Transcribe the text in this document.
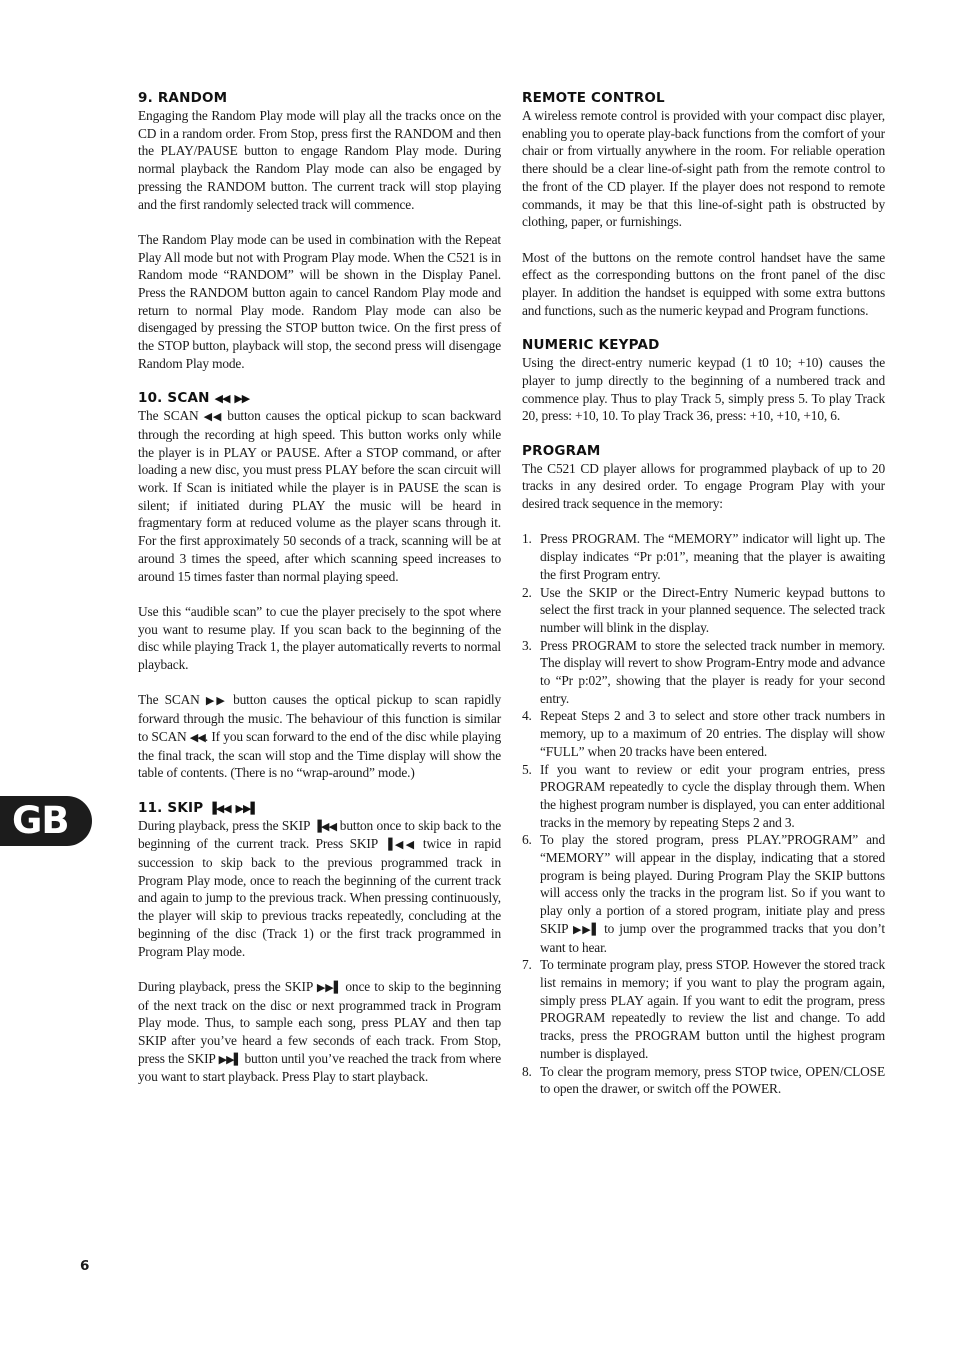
9. RANDOM

Engaging the Random Play mode will play all the tracks once on the CD in a random order. From Stop, press first the RANDOM and then the PLAY/PAUSE button to engage Random Play mode. During normal playback the Random Play mode can also be engaged by pressing the RANDOM button. The current track will stop playing and the first randomly selected track will commence.

The Random Play mode can be used in combination with the Repeat Play All mode but not with Program Play mode. When the C521 is in Random mode “RANDOM” will be shown in the Display Panel. Press the RANDOM button again to cancel Random Play mode and return to normal Play mode. Random Play mode can also be disengaged by pressing the STOP button twice. On the first press of the STOP button, playback will stop, the second press will disengage Random Play mode.

10. SCAN ◀◀ ▶▶

The SCAN ◀◀ button causes the optical pickup to scan backward through the recording at high speed. This button works only while the player is in PLAY or PAUSE. After a STOP command, or after loading a new disc, you must press PLAY before the scan circuit will work. If Scan is initiated while the player is in PAUSE the scan is silent; if initiated during PLAY the music will be heard in fragmentary form at reduced volume as the player scans through it. For the first approximately 50 seconds of a track, scanning will be at around 3 times the speed, after which scanning speed increases to around 15 times faster than normal playing speed.

Use this “audible scan” to cue the player precisely to the spot where you want to resume play. If you scan back to the beginning of the disc while playing Track 1, the player automatically reverts to normal playback.

The SCAN ▶▶ button causes the optical pickup to scan rapidly forward through the music. The behaviour of this function is similar to SCAN ◀◀. If you scan forward to the end of the disc while playing the final track, the scan will stop and the Time display will show the table of contents. (There is no “wrap-around” mode.)

11. SKIP ▐◀◀ ▶▶▌

During playback, press the SKIP ▐◀◀ button once to skip back to the beginning of the current track. Press SKIP ▐◀◀ twice in rapid succession to skip back to the previous programmed track in Program Play mode, once to reach the beginning of the current track and again to jump to the previous track. When pressing continuously, the player will skip to previous tracks repeatedly, concluding at the beginning of the disc (Track 1) or the first track programmed in Program Play mode.

During playback, press the SKIP ▶▶▌ once to skip to the beginning of the next track on the disc or next programmed track in Program Play mode. Thus, to sample each song, press PLAY and then tap SKIP after you’ve heard a few seconds of each track. From Stop, press the SKIP ▶▶▌ button until you’ve reached the track from where you want to start playback. Press Play to start playback.

REMOTE CONTROL

A wireless remote control is provided with your compact disc player, enabling you to operate play-back functions from the comfort of your chair or from virtually anywhere in the room. For reliable operation there should be a clear line-of-sight path from the remote control to the front of the CD player. If the player does not respond to remote commands, it may be that this line-of-sight path is obstructed by clothing, paper, or furnishings.

Most of the buttons on the remote control handset have the same effect as the corresponding buttons on the front panel of the disc player. In addition the handset is equipped with some extra buttons and functions, such as the numeric keypad and Program functions.

NUMERIC KEYPAD

Using the direct-entry numeric keypad (1 t0 10; +10) causes the player to jump directly to the beginning of a numbered track and commence play. Thus to play Track 5, simply press 5. To play Track 20, press: +10, 10. To play Track 36, press: +10, +10, +10, 6.

PROGRAM

The C521 CD player allows for programmed playback of up to 20 tracks in any desired order. To engage Program Play with your desired track sequence in the memory:

1. Press PROGRAM. The “MEMORY” indicator will light up. The display indicates “Pr p:01”, meaning that the player is awaiting the first Program entry.
2. Use the SKIP or the Direct-Entry Numeric keypad buttons to select the first track in your planned sequence. The selected track number will blink in the display.
3. Press PROGRAM to store the selected track number in memory. The display will revert to show Program-Entry mode and advance to “Pr p:02”, showing that the player is ready for your second entry.
4. Repeat Steps 2 and 3 to select and store other track numbers in memory, up to a maximum of 20 entries. The display will show “FULL” when 20 tracks have been entered.
5. If you want to review or edit your program entries, press PROGRAM repeatedly to cycle the display through them. When the highest program number is displayed, you can enter additional tracks in the memory by repeating Steps 2 and 3.
6. To play the stored program, press PLAY.”PROGRAM” and “MEMORY” will appear in the display, indicating that a stored program is being played. During Program Play the SKIP buttons will access only the tracks in the program list. So if you want to play only a portion of a stored program, initiate play and press SKIP ▶▶▌ to jump over the programmed tracks that you don’t want to hear.
7. To terminate program play, press STOP. However the stored track list remains in memory; if you want to play the program again, simply press PLAY again. If you want to edit the program, press PROGRAM repeatedly to review the list and change. To add tracks, press the PROGRAM button until the highest program number is displayed.
8. To clear the program memory, press STOP twice, OPEN/CLOSE to open the drawer, or switch off the POWER.
GB
6
